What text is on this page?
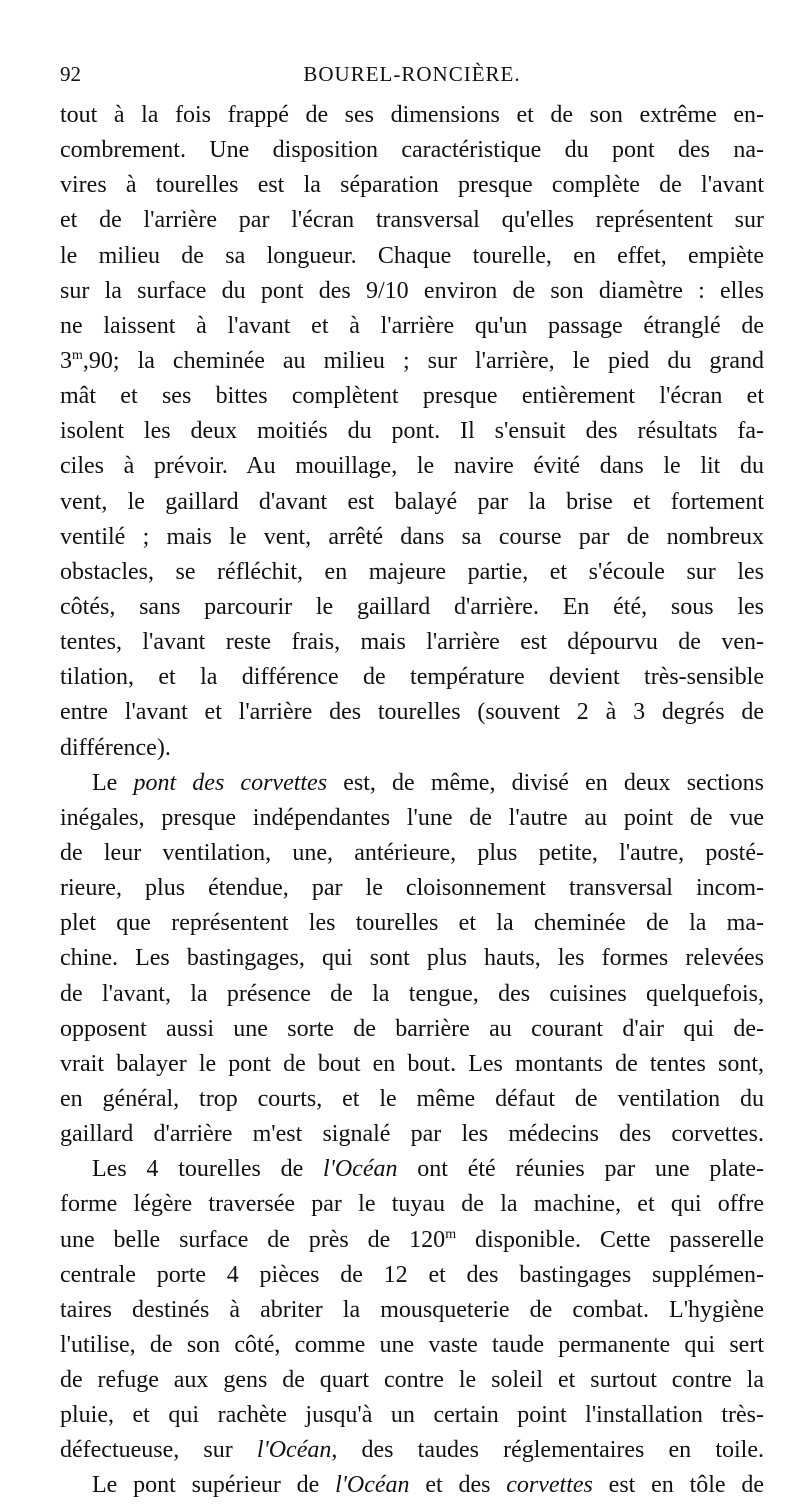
92	BOUREL-RONCIÈRE.
tout à la fois frappé de ses dimensions et de son extrême en-
combrement. Une disposition caractéristique du pont des na-
vires à tourelles est la séparation presque complète de l'avant
et de l'arrière par l'écran transversal qu'elles représentent sur
le milieu de sa longueur. Chaque tourelle, en effet, empiète
sur la surface du pont des 9/10 environ de son diamètre : elles
ne laissent à l'avant et à l'arrière qu'un passage étranglé de
3$^m$,90; la cheminée au milieu ; sur l'arrière, le pied du grand
mât et ses bittes complètent presque entièrement l'écran et
isolent les deux moitiés du pont. Il s'ensuit des résultats fa-
ciles à prévoir. Au mouillage, le navire évité dans le lit du
vent, le gaillard d'avant est balayé par la brise et fortement
ventilé ; mais le vent, arrêté dans sa course par de nombreux
obstacles, se réfléchit, en majeure partie, et s'écoule sur les
côtés, sans parcourir le gaillard d'arrière. En été, sous les
tentes, l'avant reste frais, mais l'arrière est dépourvu de ven-
tilation, et la différence de température devient très-sensible
entre l'avant et l'arrière des tourelles (souvent 2 à 3 degrés de
différence).
Le pont des corvettes est, de même, divisé en deux sections
inégales, presque indépendantes l'une de l'autre au point de vue
de leur ventilation, une, antérieure, plus petite, l'autre, posté-
rieure, plus étendue, par le cloisonnement transversal incom-
plet que représentent les tourelles et la cheminée de la ma-
chine. Les bastingages, qui sont plus hauts, les formes relevées
de l'avant, la présence de la tengue, des cuisines quelquefois,
opposent aussi une sorte de barrière au courant d'air qui de-
vrait balayer le pont de bout en bout. Les montants de tentes sont,
en général, trop courts, et le même défaut de ventilation du
gaillard d'arrière m'est signalé par les médecins des corvettes.
Les 4 tourelles de l'Océan ont été réunies par une plate-
forme légère traversée par le tuyau de la machine, et qui offre
une belle surface de près de 120$^m$ disponible. Cette passerelle
centrale porte 4 pièces de 12 et des bastingages supplémen-
taires destinés à abriter la mousqueterie de combat. L'hygiène
l'utilise, de son côté, comme une vaste taude permanente qui sert
de refuge aux gens de quart contre le soleil et surtout contre la
pluie, et qui rachète jusqu'à un certain point l'installation très-
défectueuse, sur l'Océan, des taudes réglementaires en toile.
Le pont supérieur de l'Océan et des corvettes est en tôle de
